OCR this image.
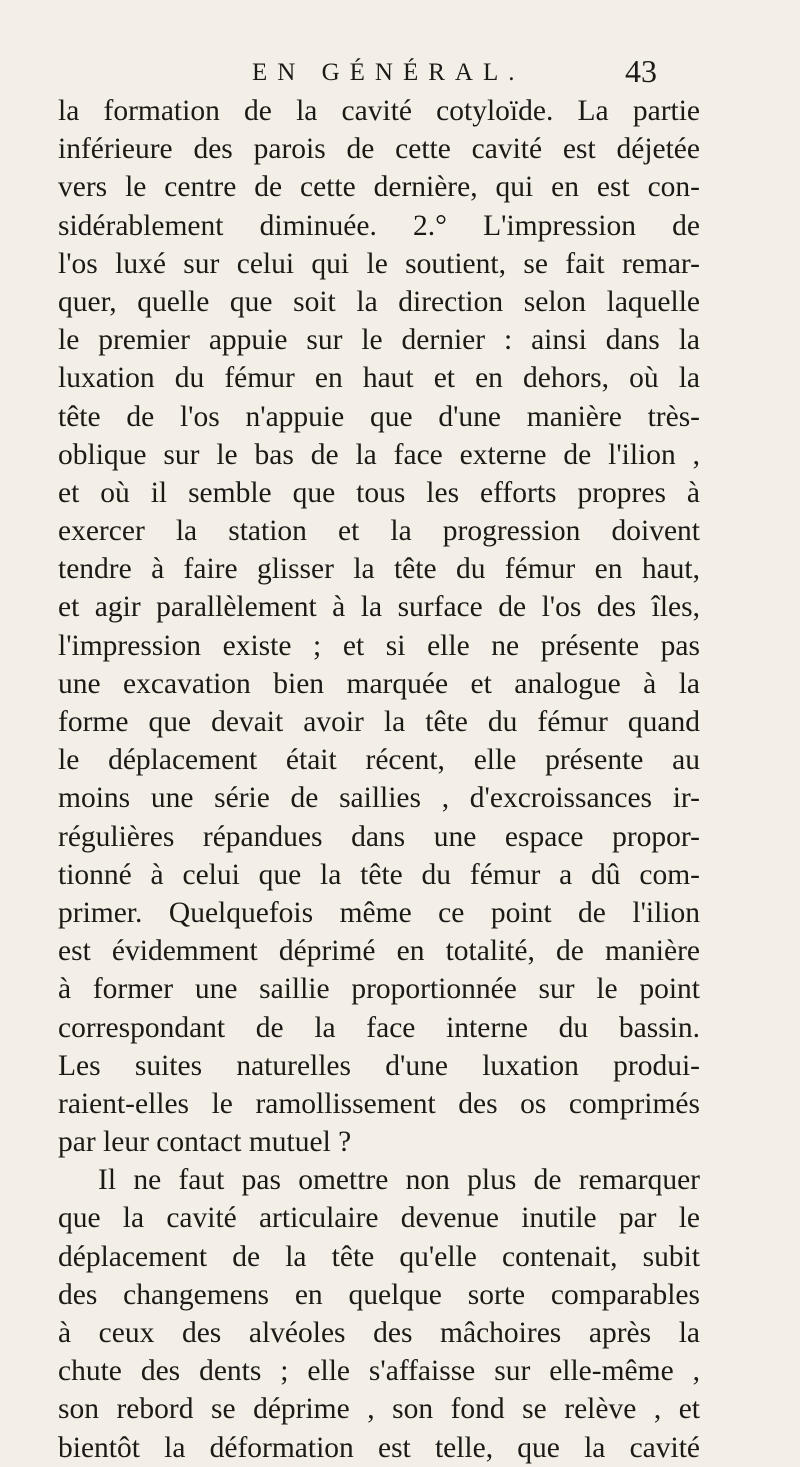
EN GÉNÉRAL.	43
la formation de la cavité cotyloïde. La partie
inférieure des parois de cette cavité est déjetée
vers le centre de cette dernière, qui en est con-
sidérablement diminuée. 2.° L'impression de
l'os luxé sur celui qui le soutient, se fait remar-
quer, quelle que soit la direction selon laquelle
le premier appuie sur le dernier : ainsi dans la
luxation du fémur en haut et en dehors, où la
tête de l'os n'appuie que d'une manière très-
oblique sur le bas de la face externe de l'ilion ,
et où il semble que tous les efforts propres à
exercer la station et la progression doivent
tendre à faire glisser la tête du fémur en haut,
et agir parallèlement à la surface de l'os des îles,
l'impression existe ; et si elle ne présente pas
une excavation bien marquée et analogue à la
forme que devait avoir la tête du fémur quand
le déplacement était récent, elle présente au
moins une série de saillies , d'excroissances ir-
régulières répandues dans une espace propor-
tionné à celui que la tête du fémur a dû com-
primer. Quelquefois même ce point de l'ilion
est évidemment déprimé en totalité, de manière
à former une saillie proportionnée sur le point
correspondant de la face interne du bassin.
Les suites naturelles d'une luxation produi-
raient-elles le ramollissement des os comprimés
par leur contact mutuel ?
Il ne faut pas omettre non plus de remarquer
que la cavité articulaire devenue inutile par le
déplacement de la tête qu'elle contenait, subit
des changemens en quelque sorte comparables
à ceux des alvéoles des mâchoires après la
chute des dents ; elle s'affaisse sur elle-même ,
son rebord se déprime , son fond se relève , et
bientôt la déformation est telle, que la cavité
